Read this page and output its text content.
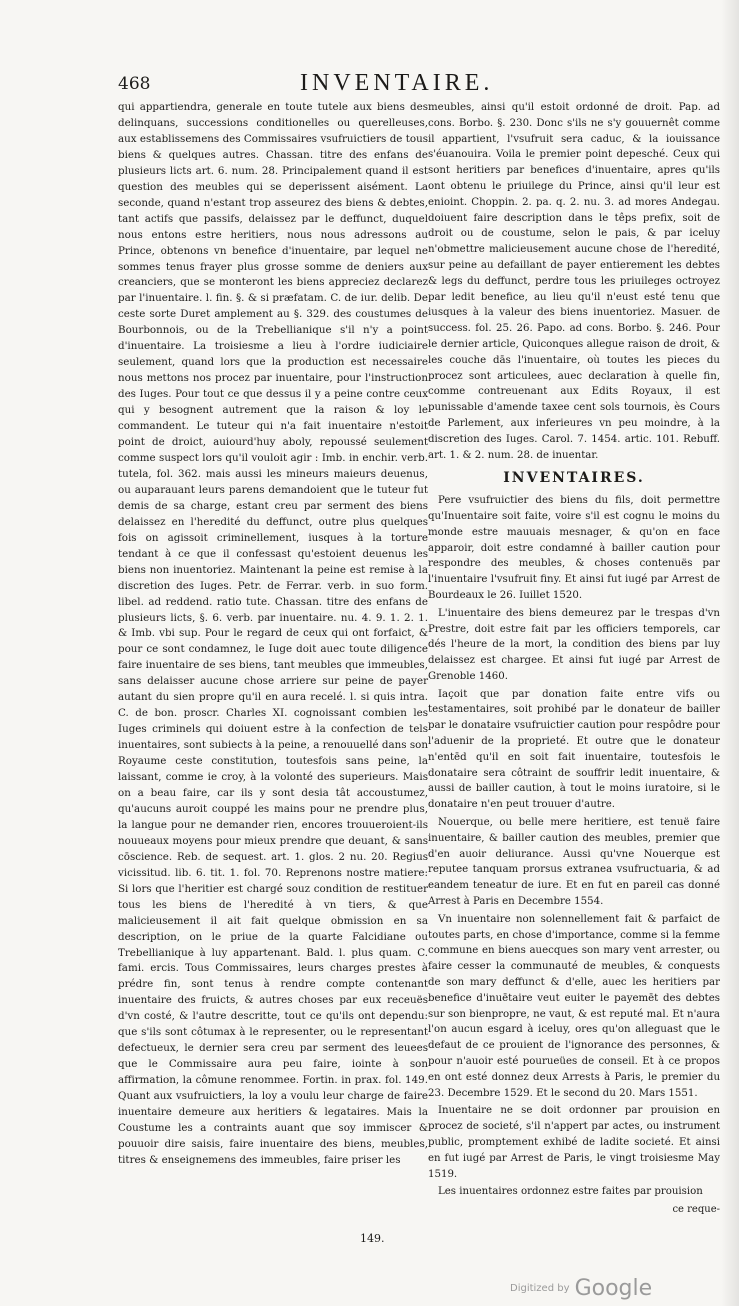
468	INVENTAIRE.

qui appartiendra, generale en toute tutele aux biens des delinquans, successions conditionelles ou querelleuses, aux establissemens des Commissaires vsufruictiers de tous biens & quelques autres. Chassan. titre des enfans de plusieurs licts art. 6. num. 28. Principalement quand il est question des meubles qui se deperissent aisément. La seconde, quand n'estant trop asseurez des biens & debtes, tant actifs que passifs, delaissez par le deffunct, duquel nous entons estre heritiers, nous nous adressons au Prince, obtenons vn benefice d'inuentaire, par lequel ne sommes tenus frayer plus grosse somme de deniers aux creanciers, que se monteront les biens appreciez declarez par l'inuentaire. l. fin. §. & si præfatam. C. de iur. delib. De ceste sorte Duret amplement au §. 329. des coustumes de Bourbonnois, ou de la Trebellianique s'il n'y a point d'inuentaire. La troisiesme a lieu à l'ordre iudiciaire seulement, quand lors que la production est necessaire nous mettons nos procez par inuentaire, pour l'instruction des Iuges. Pour tout ce que dessus il y a peine contre ceux qui y besognent autrement que la raison & loy le commandent. Le tuteur qui n'a fait inuentaire n'estoit point de droict, auiourd'huy aboly, repoussé seulement comme suspect lors qu'il vouloit agir : Imb. in enchir. verb. tutela, fol. 362. mais aussi les mineurs maieurs deuenus, ou auparauant leurs parens demandoient que le tuteur fut demis de sa charge, estant creu par serment des biens delaissez en l'heredité du deffunct, outre plus quelques fois on agissoit criminellement, iusques à la torture tendant à ce que il confessast qu'estoient deuenus les biens non inuentoriez. Maintenant la peine est remise à la discretion des Iuges. Petr. de Ferrar. verb. in suo form. libel. ad reddend. ratio tute. Chassan. titre des enfans de plusieurs licts, §. 6. verb. par inuentaire. nu. 4. 9. 1. 2. 1. & Imb. vbi sup. Pour le regard de ceux qui ont forfaict, & pour ce sont condamnez, le Iuge doit auec toute diligence faire inuentaire de ses biens, tant meubles que immeubles, sans delaisser aucune chose arriere sur peine de payer autant du sien propre qu'il en aura recelé. l. si quis intra. C. de bon. proscr. Charles XI. cognoissant combien les Iuges criminels qui doiuent estre à la confection de tels inuentaires, sont subiects à la peine, a renouuellé dans son Royaume ceste constitution, toutesfois sans peine, la laissant, comme ie croy, à la volonté des superieurs. Mais on a beau faire, car ils y sont desia tât accoustumez, qu'aucuns auroit couppé les mains pour ne prendre plus, la langue pour ne demander rien, encores trouueroient-ils nouueaux moyens pour mieux prendre que deuant, & sans cōscience. Reb. de sequest. art. 1. glos. 2 nu. 20. Regius vicissitud. lib. 6. tit. 1. fol. 70. Reprenons nostre matiere: Si lors que l'heritier est chargé souz condition de restituer tous les biens de l'heredité à vn tiers, & que malicieusement il ait fait quelque obmission en sa description, on le priue de la quarte Falcidiane ou Trebellianique à luy appartenant. Bald. l. plus quam. C. fami. ercis. Tous Commissaires, leurs charges prestes à prédre fin, sont tenus à rendre compte contenant inuentaire des fruicts, & autres choses par eux receuës d'vn costé, & l'autre descritte, tout ce qu'ils ont dependu: que s'ils sont côtumax à le representer, ou le representant defectueux, le dernier sera creu par serment des leuees que le Commissaire aura peu faire, iointe à son affirmation, la cômune renommee. Fortin. in prax. fol. 149. Quant aux vsufruictiers, la loy a voulu leur charge de faire inuentaire demeure aux heritiers & legataires. Mais la Coustume les a contraints auant que soy immiscer & pouuoir dire saisis, faire inuentaire des biens, meubles, titres & enseignemens des immeubles, faire priser les

meubles, ainsi qu'il estoit ordonné de droit. Pap. ad cons. Borbo. §. 230. Donc s'ils ne s'y gouuernêt comme il appartient, l'vsufruit sera caduc, & la iouissance s'éuanouira. Voila le premier point depesché. Ceux qui sont heritiers par benefices d'inuentaire, apres qu'ils ont obtenu le priuilege du Prince, ainsi qu'il leur est enioint. Choppin. 2. pa. q. 2. nu. 3. ad mores Andegau. doiuent faire description dans le têps prefix, soit de droit ou de coustume, selon le pais, & par iceluy n'obmettre malicieusement aucune chose de l'heredité, sur peine au defaillant de payer entierement les debtes & legs du deffunct, perdre tous les priuileges octroyez par ledit benefice, au lieu qu'il n'eust esté tenu que iusques à la valeur des biens inuentoriez. Masuer. de success. fol. 25. 26. Papo. ad cons. Borbo. §. 246. Pour le dernier article, Quiconques allegue raison de droit, & les couche dās l'inuentaire, où toutes les pieces du procez sont articulees, auec declaration à quelle fin, comme contreuenant aux Edits Royaux, il est punissable d'amende taxee cent sols tournois, ès Cours de Parlement, aux inferieures vn peu moindre, à la discretion des Iuges. Carol. 7. 1454. artic. 101. Rebuff. art. 1. & 2. num. 28. de inuentar.

INVENTAIRES.

Pere vsufruictier des biens du fils, doit permettre qu'Inuentaire soit faite, voire s'il est cognu le moins du monde estre mauuais mesnager, & qu'on en face apparoir, doit estre condamné à bailler caution pour respondre des meubles, & choses contenuës par l'inuentaire l'vsufruit finy. Et ainsi fut iugé par Arrest de Bourdeaux le 26. Iuillet 1520.

L'inuentaire des biens demeurez par le trespas d'vn Prestre, doit estre fait par les officiers temporels, car dés l'heure de la mort, la condition des biens par luy delaissez est chargee. Et ainsi fut iugé par Arrest de Grenoble 1460.

Iaçoit que par donation faite entre vifs ou testamentaires, soit prohibé par le donateur de bailler par le donataire vsufruictier caution pour respôdre pour l'aduenir de la proprieté. Et outre que le donateur n'entēd qu'il en soit fait inuentaire, toutesfois le donataire sera côtraint de souffrir ledit inuentaire, & aussi de bailler caution, à tout le moins iuratoire, si le donataire n'en peut trouuer d'autre.

Nouerque, ou belle mere heritiere, est tenuë faire inuentaire, & bailler caution des meubles, premier que d'en auoir deliurance. Aussi qu'vne Nouerque est reputee tanquam prorsus extranea vsufructuaria, & ad eandem teneatur de iure. Et en fut en pareil cas donné Arrest à Paris en Decembre 1554.

Vn inuentaire non solennellement fait & parfaict de toutes parts, en chose d'importance, comme si la femme commune en biens auecques son mary vent arrester, ou faire cesser la communauté de meubles, & conquests de son mary deffunct & d'elle, auec les heritiers par benefice d'inuētaire veut euiter le payemēt des debtes sur son bienpropre, ne vaut, & est reputé mal. Et n'aura l'on aucun esgard à iceluy, ores qu'on alleguast que le defaut de ce prouient de l'ignorance des personnes, & pour n'auoir esté pourueües de conseil. Et à ce propos en ont esté donnez deux Arrests à Paris, le premier du 23. Decembre 1529. Et le second du 20. Mars 1551.

Inuentaire ne se doit ordonner par prouision en procez de societé, s'il n'appert par actes, ou instrument public, promptement exhibé de ladite societé. Et ainsi en fut iugé par Arrest de Paris, le vingt troisiesme May 1519.

Les inuentaires ordonnez estre faites par prouision

ce reque-
149.
Digitized by Google
